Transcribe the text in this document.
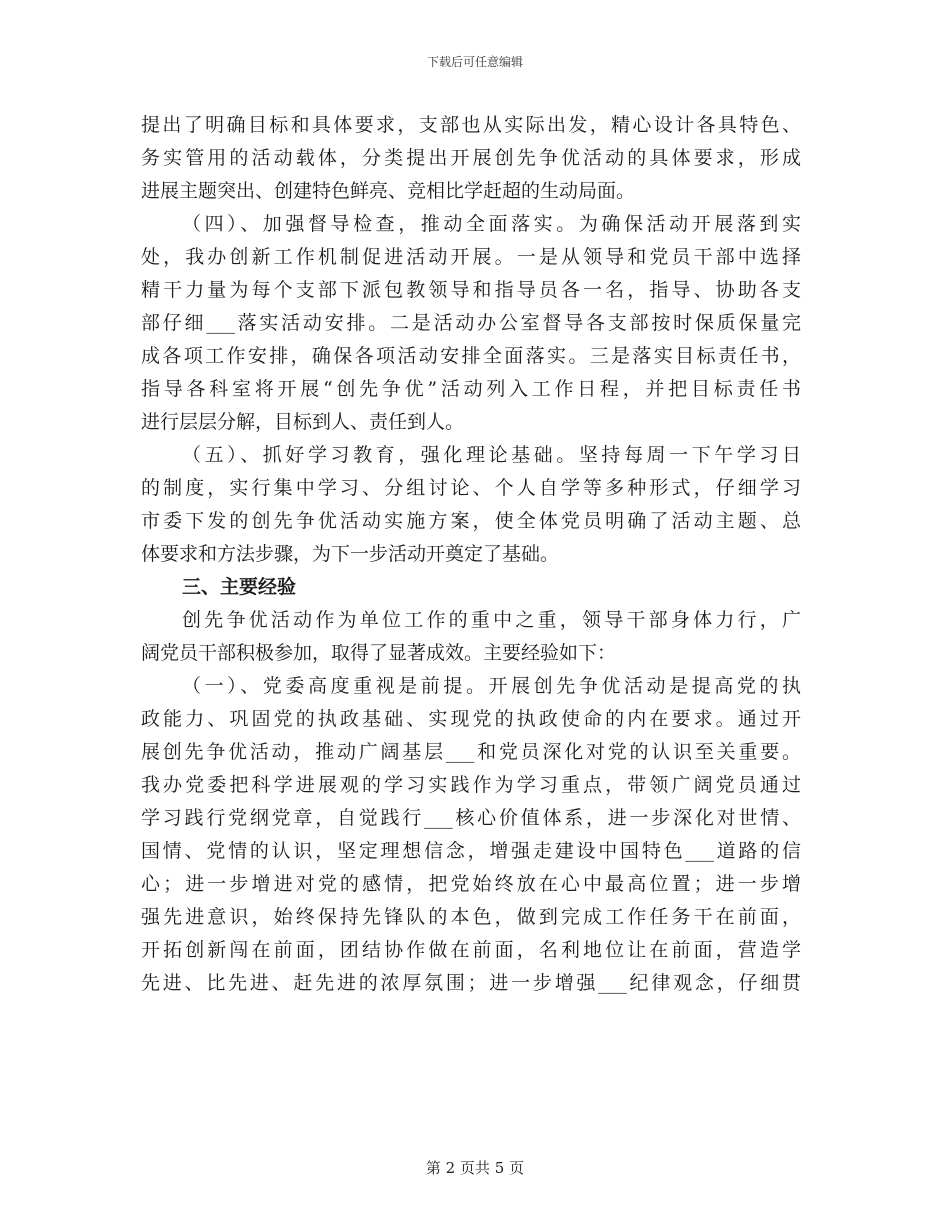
下载后可任意编辑
提出了明确目标和具体要求，支部也从实际出发，精心设计各具特色、
务实管用的活动载体，分类提出开展创先争优活动的具体要求，形成
进展主题突出、创建特色鲜亮、竞相比学赶超的生动局面。
（四）、加强督导检查，推动全面落实。为确保活动开展落到实
处，我办创新工作机制促进活动开展。一是从领导和党员干部中选择
精干力量为每个支部下派包教领导和指导员各一名，指导、协助各支
部仔细___落实活动安排。二是活动办公室督导各支部按时保质保量完
成各项工作安排，确保各项活动安排全面落实。三是落实目标责任书，
指导各科室将开展“创先争优”活动列入工作日程，并把目标责任书
进行层层分解，目标到人、责任到人。
（五）、抓好学习教育，强化理论基础。坚持每周一下午学习日
的制度，实行集中学习、分组讨论、个人自学等多种形式，仔细学习
市委下发的创先争优活动实施方案，使全体党员明确了活动主题、总
体要求和方法步骤，为下一步活动开奠定了基础。
三、主要经验
创先争优活动作为单位工作的重中之重，领导干部身体力行，广
阔党员干部积极参加，取得了显著成效。主要经验如下：
（一）、党委高度重视是前提。开展创先争优活动是提高党的执
政能力、巩固党的执政基础、实现党的执政使命的内在要求。通过开
展创先争优活动，推动广阔基层___和党员深化对党的认识至关重要。
我办党委把科学进展观的学习实践作为学习重点，带领广阔党员通过
学习践行党纲党章，自觉践行___核心价值体系，进一步深化对世情、
国情、党情的认识，坚定理想信念，增强走建设中国特色___道路的信
心；进一步增进对党的感情，把党始终放在心中最高位置；进一步增
强先进意识，始终保持先锋队的本色，做到完成工作任务干在前面，
开拓创新闯在前面，团结协作做在前面，名利地位让在前面，营造学
先进、比先进、赶先进的浓厚氛围；进一步增强___纪律观念，仔细贯
第 2 页共 5 页
